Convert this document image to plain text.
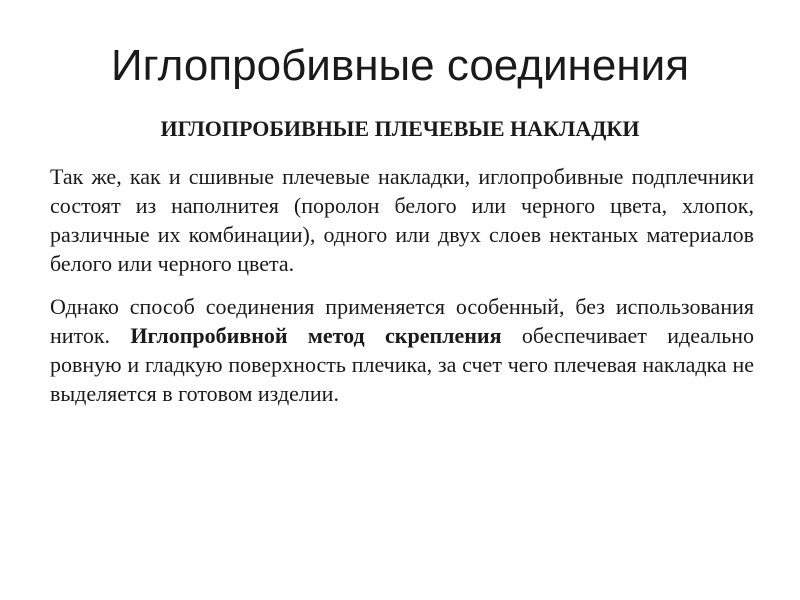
Иглопробивные соединения
ИГЛОПРОБИВНЫЕ ПЛЕЧЕВЫЕ НАКЛАДКИ

Так же, как и сшивные плечевые накладки, иглопробивные подплечники состоят из наполнитея (поролон белого или черного цвета, хлопок, различные их комбинации), одного или двух слоев нектаных материалов белого или черного цвета.

Однако способ соединения применяется особенный, без использования ниток. Иглопробивной метод скрепления обеспечивает идеально ровную и гладкую поверхность плечика, за счет чего плечевая накладка не выделяется в готовом изделии.
